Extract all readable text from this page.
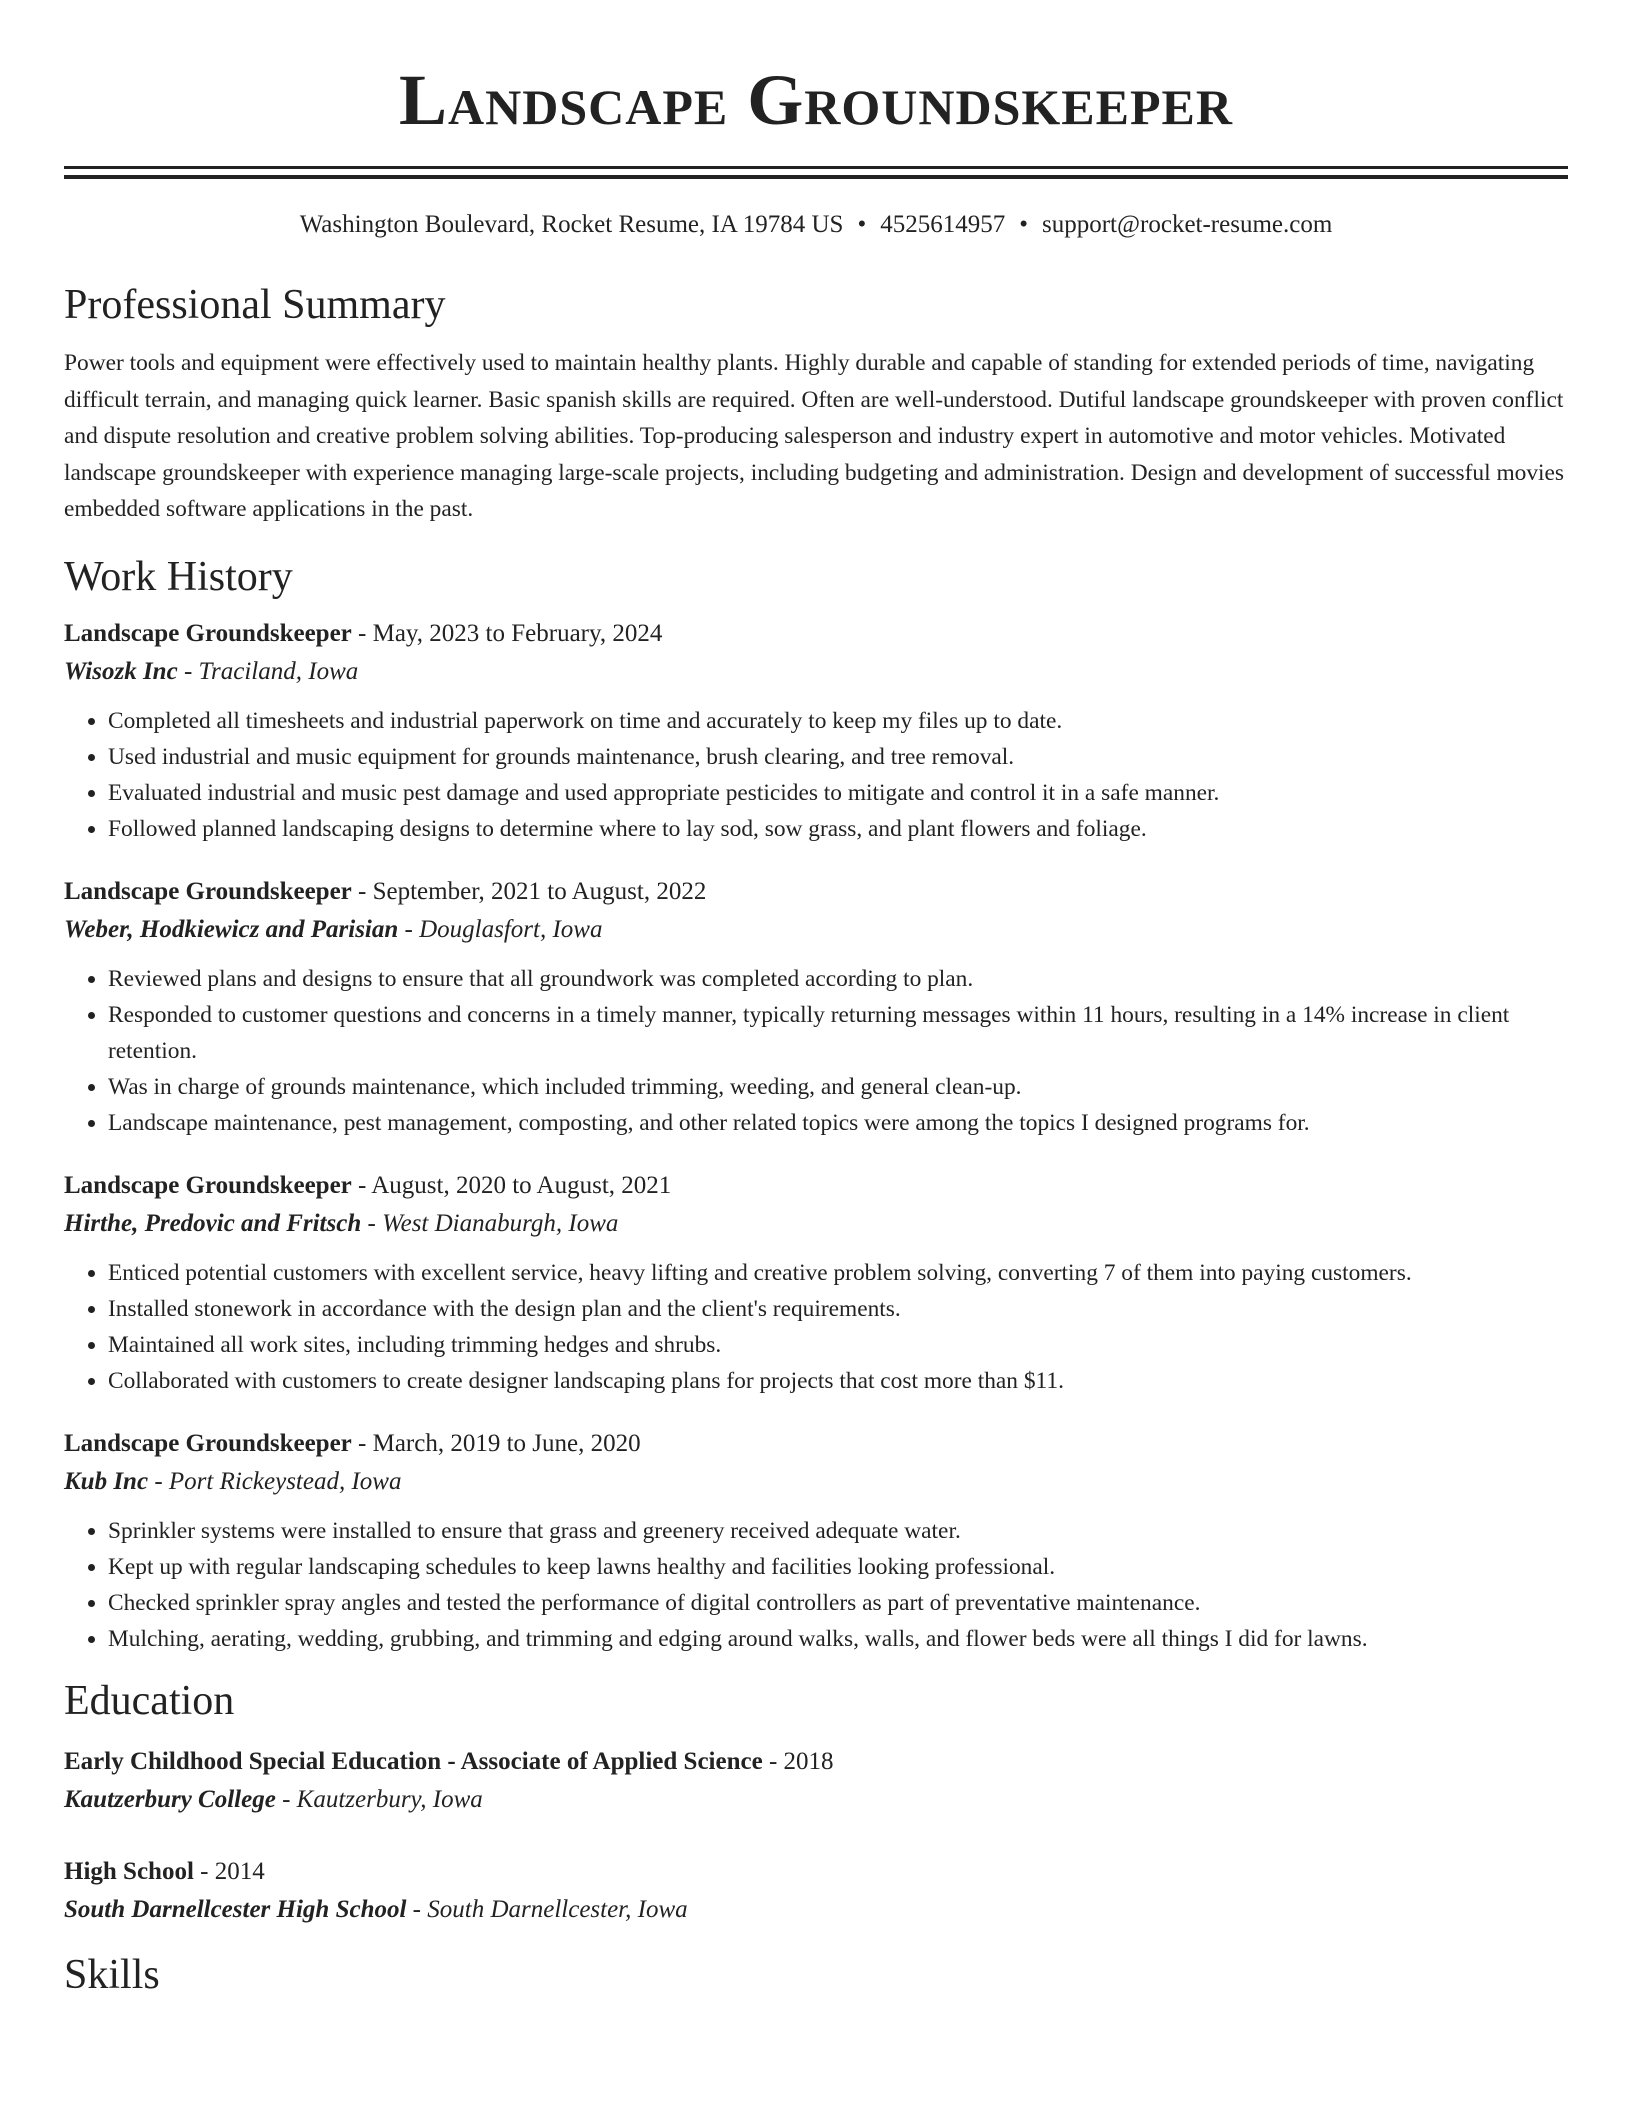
Landscape Groundskeeper
Washington Boulevard, Rocket Resume, IA 19784 US • 4525614957 • support@rocket-resume.com
Professional Summary

Power tools and equipment were effectively used to maintain healthy plants. Highly durable and capable of standing for extended periods of time, navigating difficult terrain, and managing quick learner. Basic spanish skills are required. Often are well-understood. Dutiful landscape groundskeeper with proven conflict and dispute resolution and creative problem solving abilities. Top-producing salesperson and industry expert in automotive and motor vehicles. Motivated landscape groundskeeper with experience managing large-scale projects, including budgeting and administration. Design and development of successful movies embedded software applications in the past.

Work History
Landscape Groundskeeper - May, 2023 to February, 2024
Wisozk Inc - Traciland, Iowa
• Completed all timesheets and industrial paperwork on time and accurately to keep my files up to date.
• Used industrial and music equipment for grounds maintenance, brush clearing, and tree removal.
• Evaluated industrial and music pest damage and used appropriate pesticides to mitigate and control it in a safe manner.
• Followed planned landscaping designs to determine where to lay sod, sow grass, and plant flowers and foliage.
Landscape Groundskeeper - September, 2021 to August, 2022
Weber, Hodkiewicz and Parisian - Douglasfort, Iowa
• Reviewed plans and designs to ensure that all groundwork was completed according to plan.
• Responded to customer questions and concerns in a timely manner, typically returning messages within 11 hours, resulting in a 14% increase in client retention.
• Was in charge of grounds maintenance, which included trimming, weeding, and general clean-up.
• Landscape maintenance, pest management, composting, and other related topics were among the topics I designed programs for.
Landscape Groundskeeper - August, 2020 to August, 2021
Hirthe, Predovic and Fritsch - West Dianaburgh, Iowa
• Enticed potential customers with excellent service, heavy lifting and creative problem solving, converting 7 of them into paying customers.
• Installed stonework in accordance with the design plan and the client's requirements.
• Maintained all work sites, including trimming hedges and shrubs.
• Collaborated with customers to create designer landscaping plans for projects that cost more than $11.
Landscape Groundskeeper - March, 2019 to June, 2020
Kub Inc - Port Rickeystead, Iowa
• Sprinkler systems were installed to ensure that grass and greenery received adequate water.
• Kept up with regular landscaping schedules to keep lawns healthy and facilities looking professional.
• Checked sprinkler spray angles and tested the performance of digital controllers as part of preventative maintenance.
• Mulching, aerating, wedding, grubbing, and trimming and edging around walks, walls, and flower beds were all things I did for lawns.
Education
Early Childhood Special Education - Associate of Applied Science - 2018
Kautzerbury College - Kautzerbury, Iowa
High School - 2014
South Darnellcester High School - South Darnellcester, Iowa
Skills
